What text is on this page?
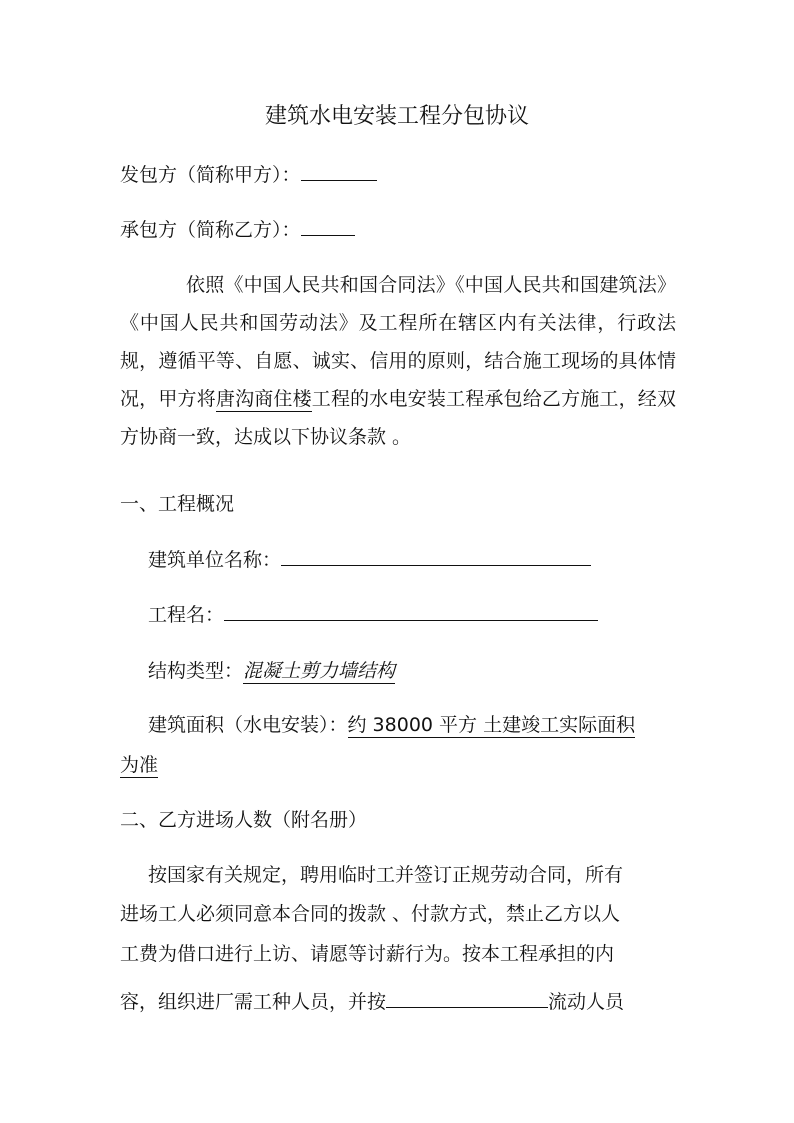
建筑水电安装工程分包协议
发包方（简称甲方）：
承包方（简称乙方）：
依照《中国人民共和国合同法》《中国人民共和国建筑法》《中国人民共和国劳动法》及工程所在辖区内有关法律，行政法规，遵循平等、自愿、诚实、信用的原则，结合施工现场的具体情况，甲方将唐沟商住楼工程的水电安装工程承包给乙方施工，经双方协商一致，达成以下协议条款 。
一、工程概况
建筑单位名称：
工程名：
结构类型：混凝土剪力墙结构
建筑面积（水电安装）：约 38000 平方 土建竣工实际面积
为准
二、乙方进场人数（附名册）
按国家有关规定，聘用临时工并签订正规劳动合同，所有
进场工人必须同意本合同的拨款 、付款方式，禁止乙方以人
工费为借口进行上访、请愿等讨薪行为。按本工程承担的内
容，组织进厂需工种人员，并按	流动人员
